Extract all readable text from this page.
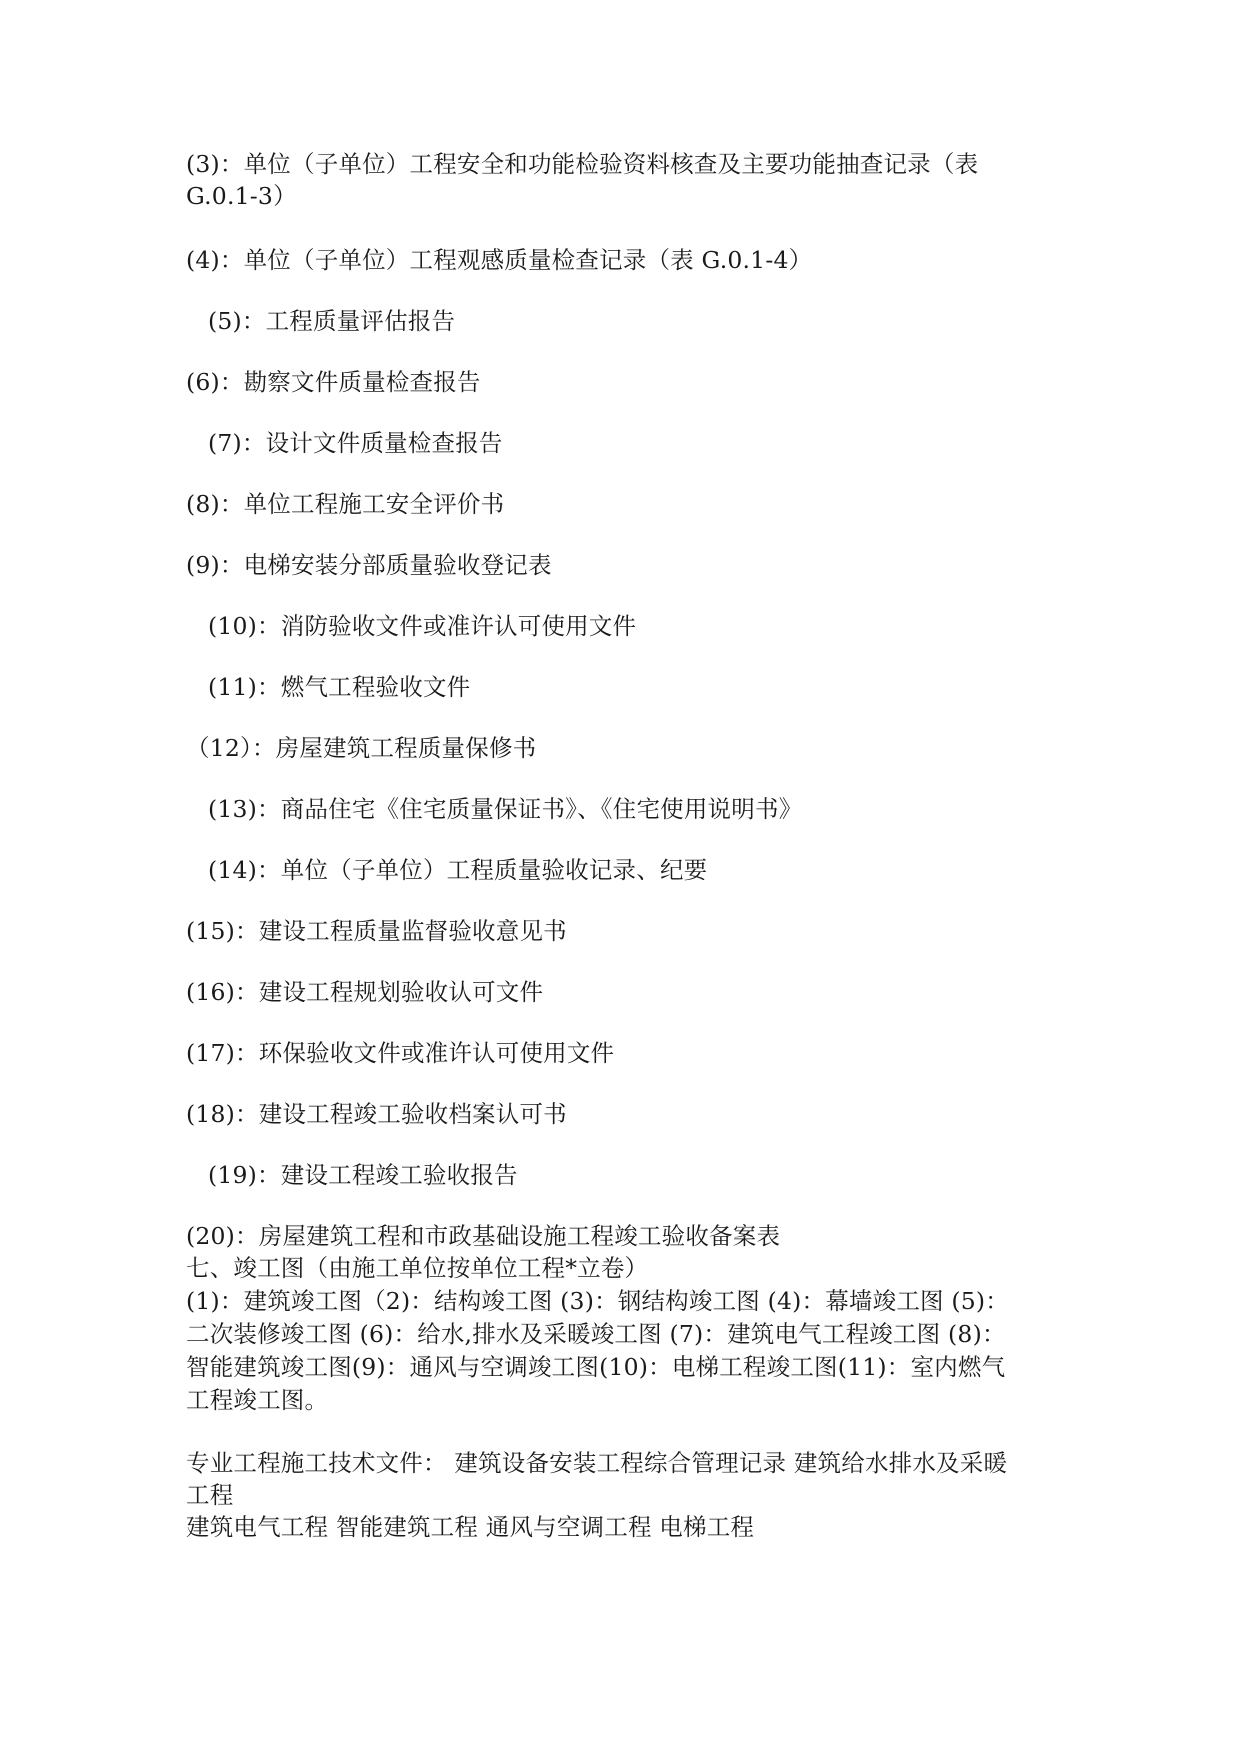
(3)：单位（子单位）工程安全和功能检验资料核查及主要功能抽查记录（表

G.0.1-3）

(4)：单位（子单位）工程观感质量检查记录（表 G.0.1-4）

(5)：工程质量评估报告

(6)：勘察文件质量检查报告

(7)：设计文件质量检查报告

(8)：单位工程施工安全评价书

(9)：电梯安装分部质量验收登记表

(10)：消防验收文件或准许认可使用文件

(11)：燃气工程验收文件

（12）：房屋建筑工程质量保修书

(13)：商品住宅《住宅质量保证书》、《住宅使用说明书》

(14)：单位（子单位）工程质量验收记录、纪要

(15)：建设工程质量监督验收意见书

(16)：建设工程规划验收认可文件

(17)：环保验收文件或准许认可使用文件

(18)：建设工程竣工验收档案认可书

(19)：建设工程竣工验收报告

(20)：房屋建筑工程和市政基础设施工程竣工验收备案表

七、竣工图（由施工单位按单位工程*立卷）

(1)：建筑竣工图（2)：结构竣工图 (3)：钢结构竣工图 (4)：幕墙竣工图 (5)：

二次装修竣工图 (6)：给水,排水及采暖竣工图 (7)：建筑电气工程竣工图 (8)：

智能建筑竣工图(9)：通风与空调竣工图(10)：电梯工程竣工图(11)：室内燃气

工程竣工图。

专业工程施工技术文件： 建筑设备安装工程综合管理记录 建筑给水排水及采暖

工程

建筑电气工程 智能建筑工程 通风与空调工程 电梯工程
